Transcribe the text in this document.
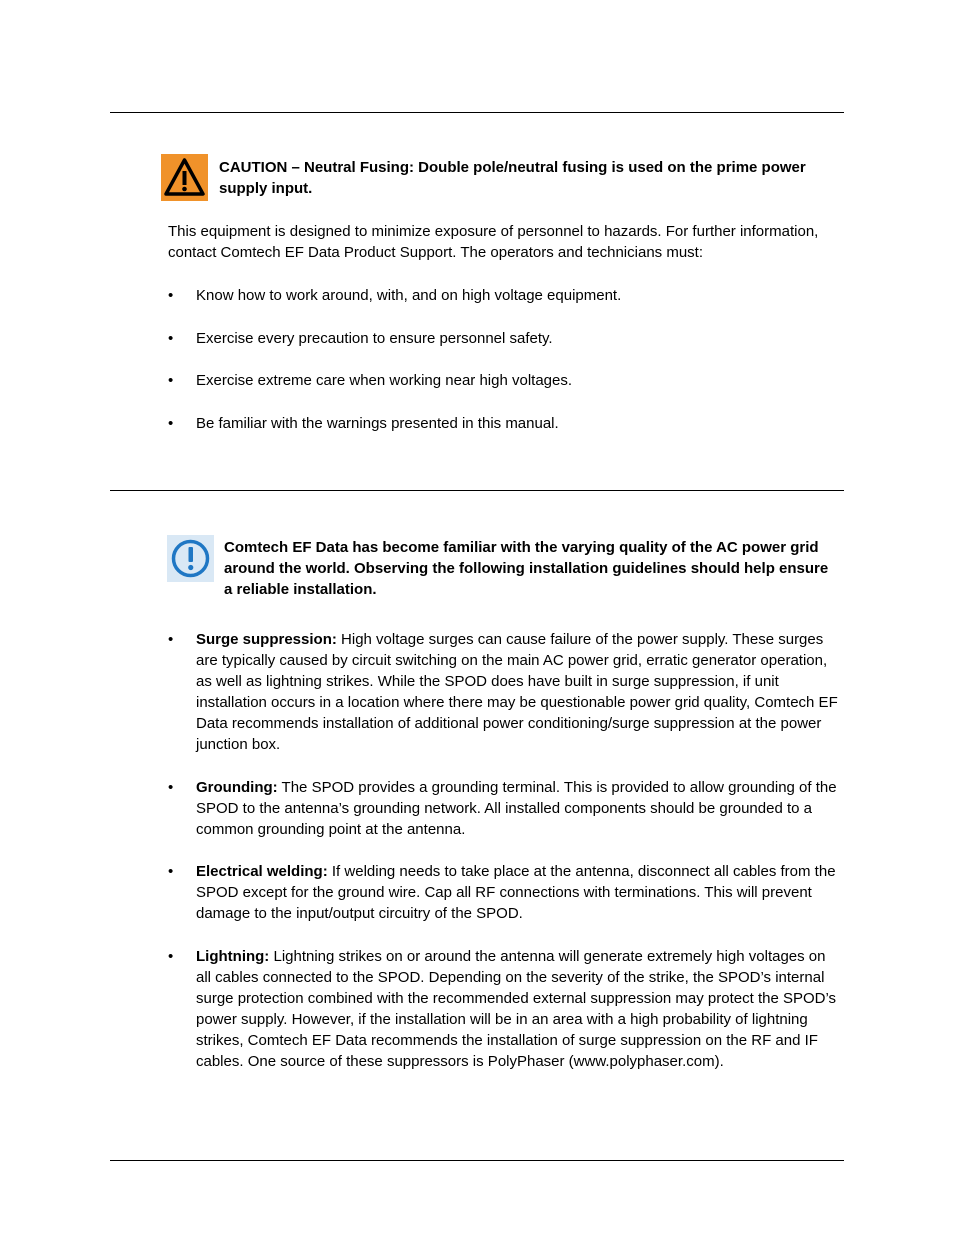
CAUTION – Neutral Fusing: Double pole/neutral fusing is used on the prime power supply input.
This equipment is designed to minimize exposure of personnel to hazards. For further information, contact Comtech EF Data Product Support. The operators and technicians must:
•	Know how to work around, with, and on high voltage equipment.
•	Exercise every precaution to ensure personnel safety.
•	Exercise extreme care when working near high voltages.
•	Be familiar with the warnings presented in this manual.
Comtech EF Data has become familiar with the varying quality of the AC power grid around the world. Observing the following installation guidelines should help ensure a reliable installation.
•	Surge suppression: High voltage surges can cause failure of the power supply. These surges are typically caused by circuit switching on the main AC power grid, erratic generator operation, as well as lightning strikes. While the SPOD does have built in surge suppression, if unit installation occurs in a location where there may be questionable power grid quality, Comtech EF Data recommends installation of additional power conditioning/surge suppression at the power junction box.
•	Grounding: The SPOD provides a grounding terminal. This is provided to allow grounding of the SPOD to the antenna’s grounding network. All installed components should be grounded to a common grounding point at the antenna.
•	Electrical welding: If welding needs to take place at the antenna, disconnect all cables from the SPOD except for the ground wire. Cap all RF connections with terminations. This will prevent damage to the input/output circuitry of the SPOD.
•	Lightning: Lightning strikes on or around the antenna will generate extremely high voltages on all cables connected to the SPOD. Depending on the severity of the strike, the SPOD’s internal surge protection combined with the recommended external suppression may protect the SPOD’s power supply. However, if the installation will be in an area with a high probability of lightning strikes, Comtech EF Data recommends the installation of surge suppression on the RF and IF cables. One source of these suppressors is PolyPhaser (www.polyphaser.com).
